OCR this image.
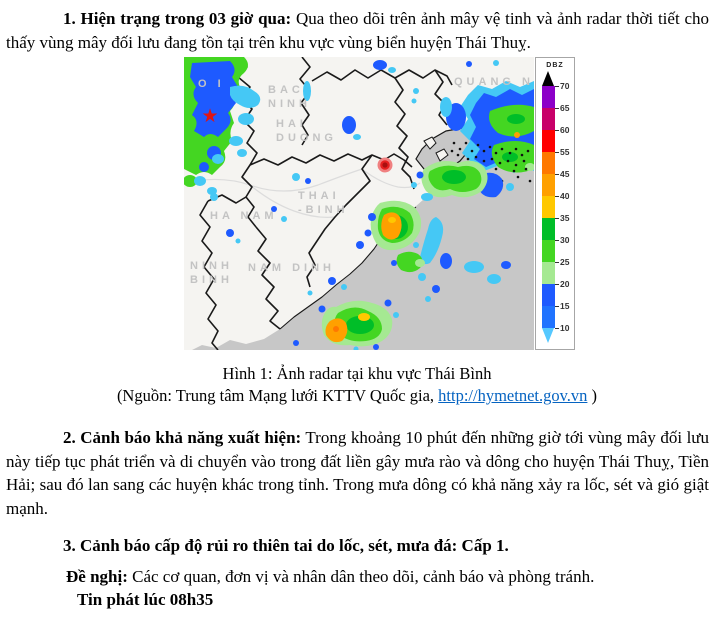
1. Hiện trạng trong 03 giờ qua: Qua theo dõi trên ảnh mây vệ tinh và ảnh radar thời tiết cho thấy vùng mây đối lưu đang tồn tại trên khu vực vùng biển huyện Thái Thuỵ.

★
O I	BAC
NINH
HAI
DUONG
QUANG N
THAI
-BINH
HA NAM
NAM DINH
NINH
BINH
DBZ
70
65
60
55
45
40
35
30
25
20
15
10

Hình 1: Ảnh radar tại khu vực Thái Bình

(Nguồn: Trung tâm Mạng lưới KTTV Quốc gia, http://hymetnet.gov.vn )

2. Cảnh báo khả năng xuất hiện: Trong khoảng 10 phút đến những giờ tới vùng mây đối lưu này tiếp tục phát triển và di chuyển vào trong đất liền gây mưa rào và dông cho huyện Thái Thuỵ, Tiền Hải; sau đó lan sang các huyện khác trong tỉnh. Trong mưa dông có khả năng xảy ra lốc, sét và gió giật mạnh.

3. Cảnh báo cấp độ rủi ro thiên tai do lốc, sét, mưa đá: Cấp 1.

Đề nghị: Các cơ quan, đơn vị và nhân dân theo dõi, cảnh báo và phòng tránh.

Tin phát lúc 08h35
